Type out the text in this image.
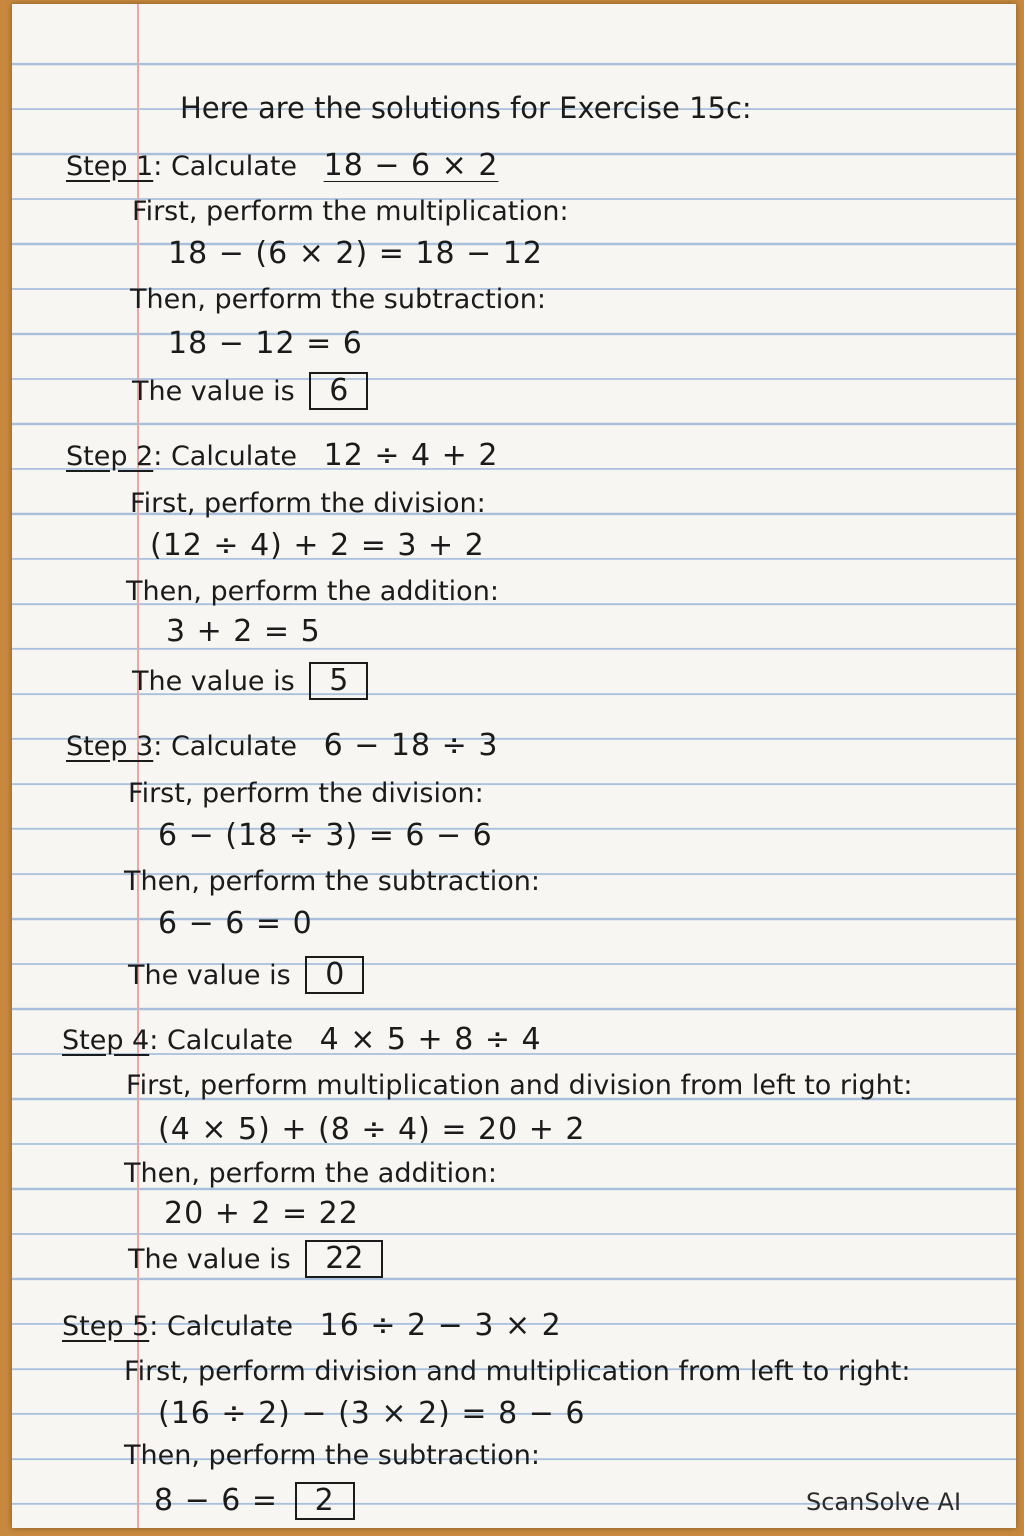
Here are the solutions for Exercise 15c:
Step 1: Calculate 18 − 6 × 2
First, perform the multiplication:
18 − (6 × 2) = 18 − 12
Then, perform the subtraction:
18 − 12 = 6
The value is 6
Step 2: Calculate 12 ÷ 4 + 2
First, perform the division:
(12 ÷ 4) + 2 = 3 + 2
Then, perform the addition:
3 + 2 = 5
The value is 5
Step 3: Calculate 6 − 18 ÷ 3
First, perform the division:
6 − (18 ÷ 3) = 6 − 6
Then, perform the subtraction:
6 − 6 = 0
The value is 0
Step 4: Calculate 4 × 5 + 8 ÷ 4
First, perform multiplication and division from left to right:
(4 × 5) + (8 ÷ 4) = 20 + 2
Then, perform the addition:
20 + 2 = 22
The value is 22
Step 5: Calculate 16 ÷ 2 − 3 × 2
First, perform division and multiplication from left to right:
(16 ÷ 2) − (3 × 2) = 8 − 6
Then, perform the subtraction:
8 − 6 = 2	ScanSolve AI
